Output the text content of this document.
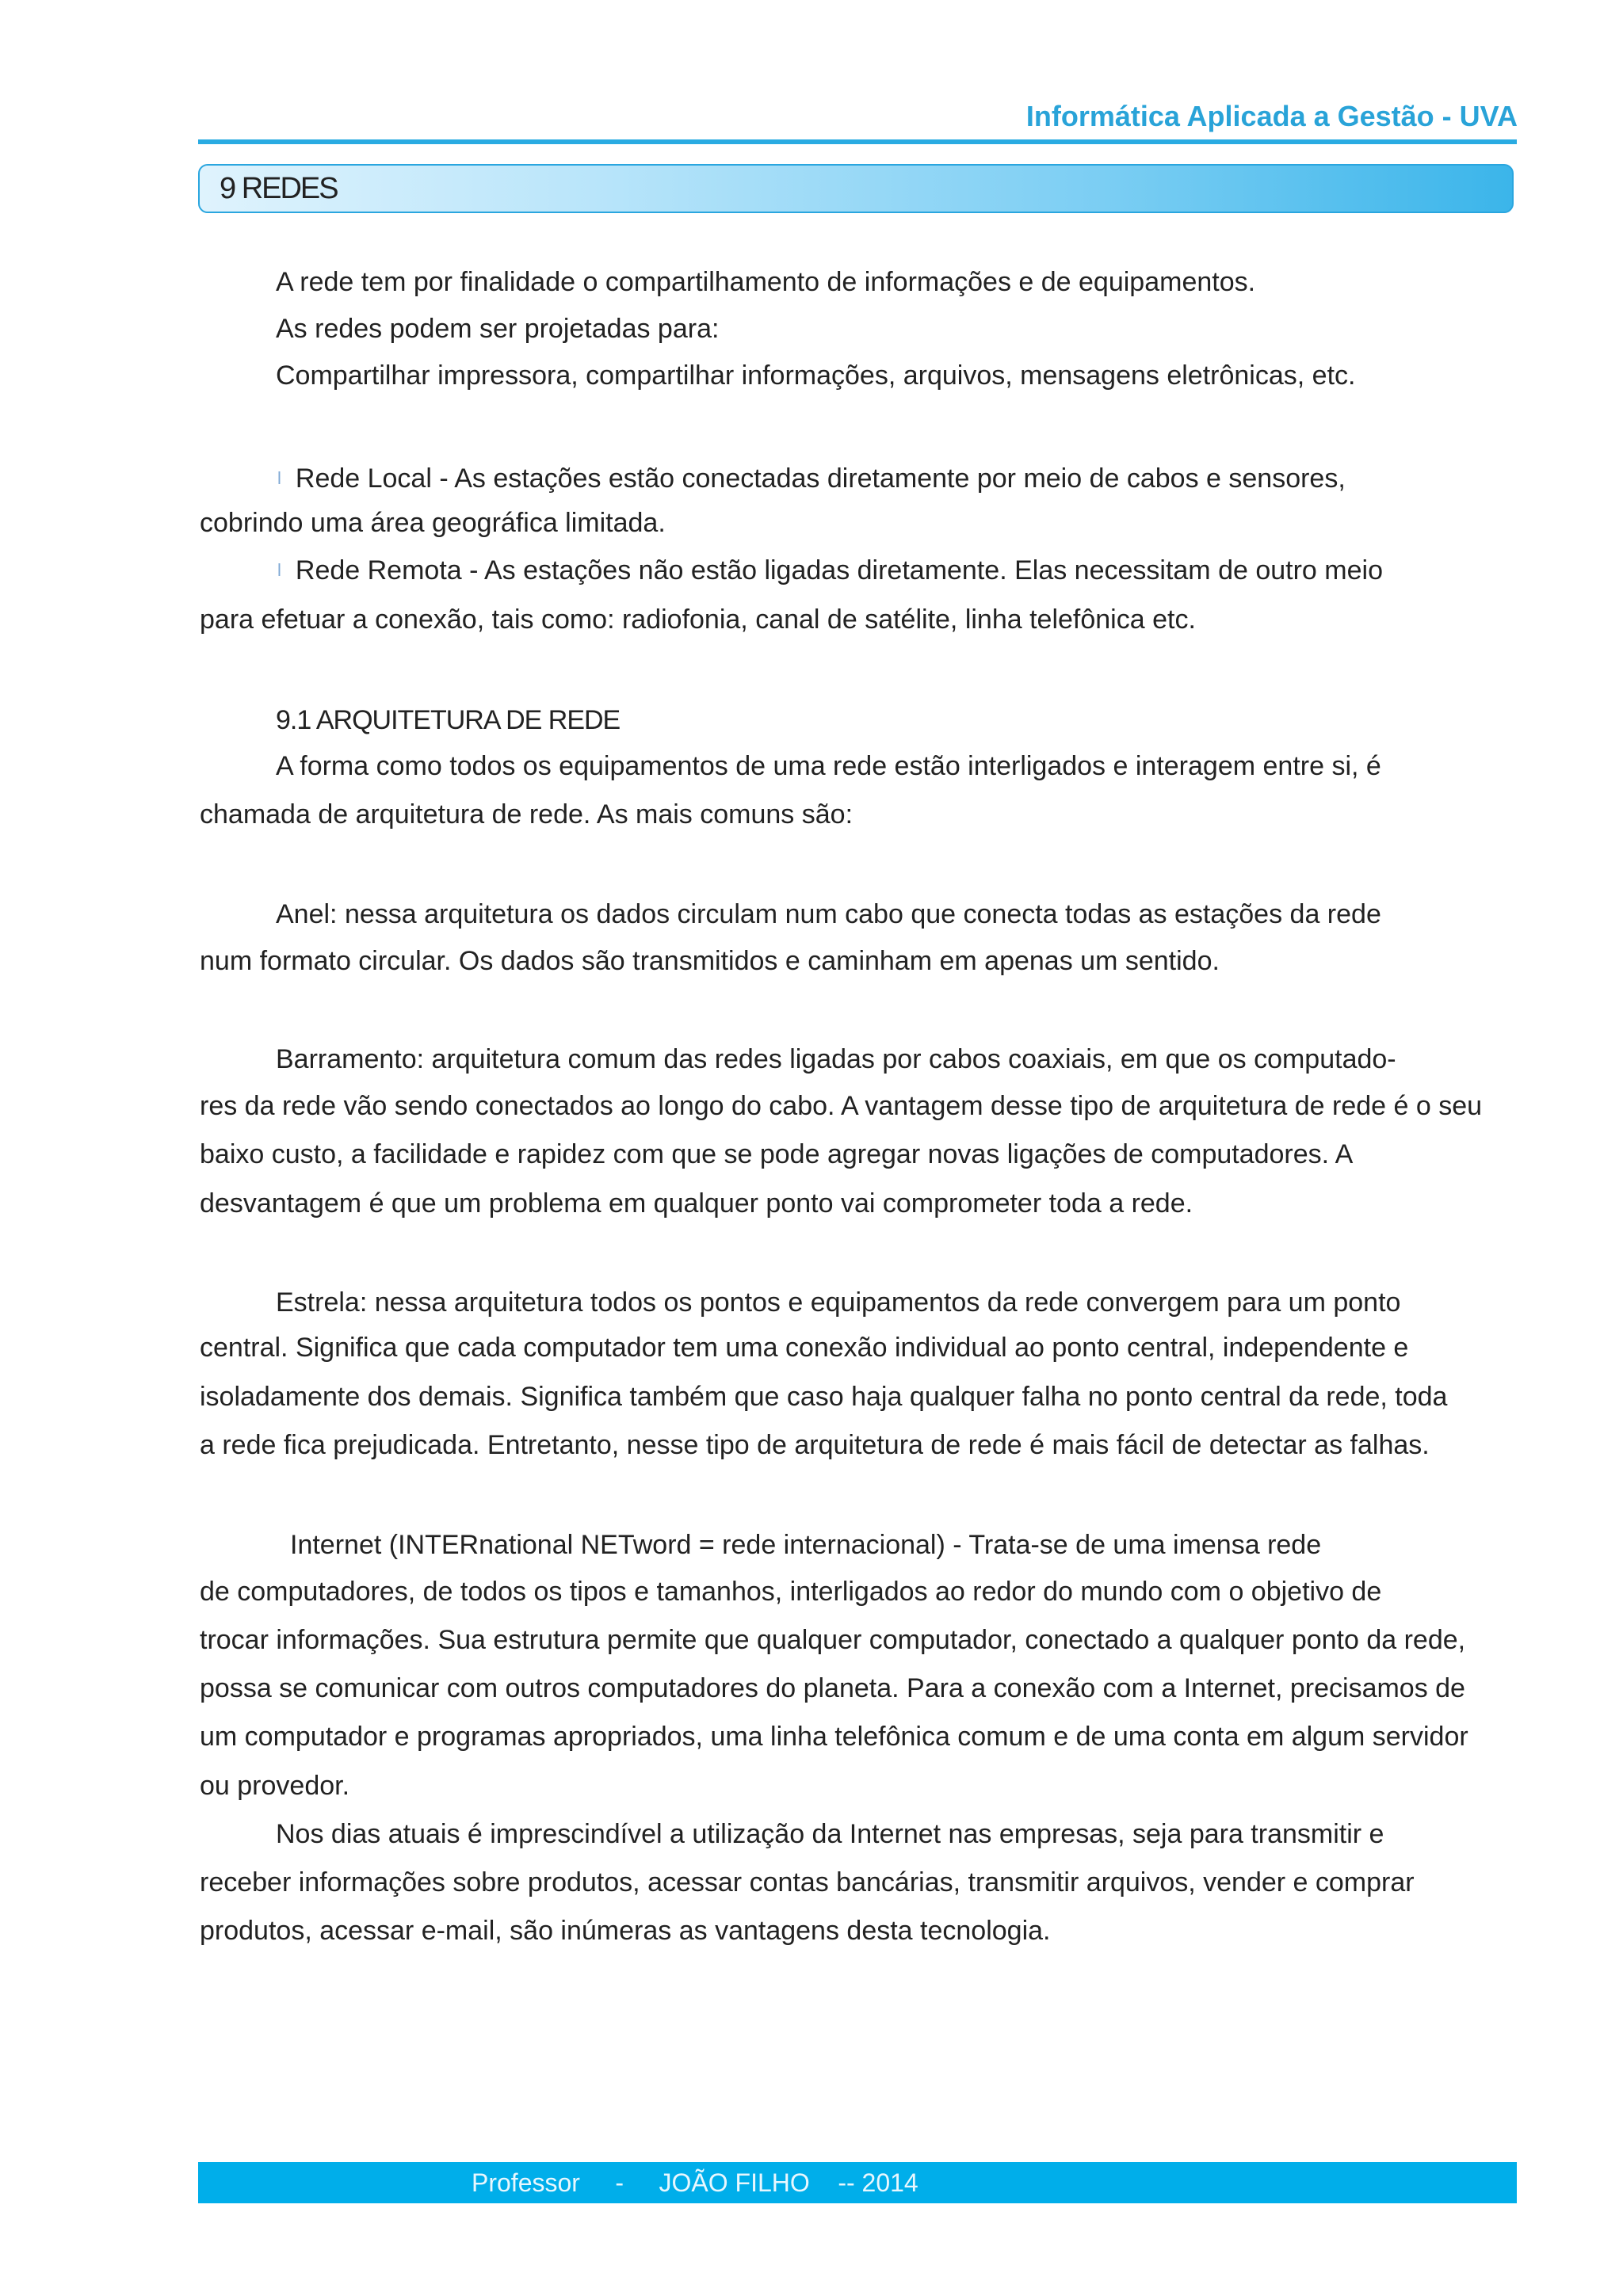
Informática Aplicada a Gestão - UVA
9 REDES
A rede tem por finalidade o compartilhamento de informações e de equipamentos.
As redes podem ser projetadas para:
Compartilhar impressora, compartilhar informações, arquivos, mensagens eletrônicas, etc.
l Rede Local - As estações estão conectadas diretamente por meio de cabos e sensores,
cobrindo uma área geográfica limitada.
l Rede Remota - As estações não estão ligadas diretamente. Elas necessitam de outro meio
para efetuar a conexão, tais como: radiofonia, canal de satélite, linha telefônica etc.
9.1 ARQUITETURA DE REDE
A forma como todos os equipamentos de uma rede estão interligados e interagem entre si, é
chamada de arquitetura de rede. As mais comuns são:
Anel: nessa arquitetura os dados circulam num cabo que conecta todas as estações da rede
num formato circular. Os dados são transmitidos e caminham em apenas um sentido.
Barramento: arquitetura comum das redes ligadas por cabos coaxiais, em que os computado-
res da rede vão sendo conectados ao longo do cabo. A vantagem desse tipo de arquitetura de rede é o seu
baixo custo, a facilidade e rapidez com que se pode agregar novas ligações de computadores. A
desvantagem é que um problema em qualquer ponto vai comprometer toda a rede.
Estrela: nessa arquitetura todos os pontos e equipamentos da rede convergem para um ponto
central. Significa que cada computador tem uma conexão individual ao ponto central, independente e
isoladamente dos demais. Significa também que caso haja qualquer falha no ponto central da rede, toda
a rede fica prejudicada. Entretanto, nesse tipo de arquitetura de rede é mais fácil de detectar as falhas.
Internet (INTERnational NETword = rede internacional) - Trata-se de uma imensa rede
de computadores, de todos os tipos e tamanhos, interligados ao redor do mundo com o objetivo de
trocar informações. Sua estrutura permite que qualquer computador, conectado a qualquer ponto da rede,
possa se comunicar com outros computadores do planeta. Para a conexão com a Internet, precisamos de
um computador e programas apropriados, uma linha telefônica comum e de uma conta em algum servidor
ou provedor.
Nos dias atuais é imprescindível a utilização da Internet nas empresas, seja para transmitir e
receber informações sobre produtos, acessar contas bancárias, transmitir arquivos, vender e comprar
produtos, acessar e-mail, são inúmeras as vantagens desta tecnologia.
Professor     -     JOÃO FILHO    -- 2014
